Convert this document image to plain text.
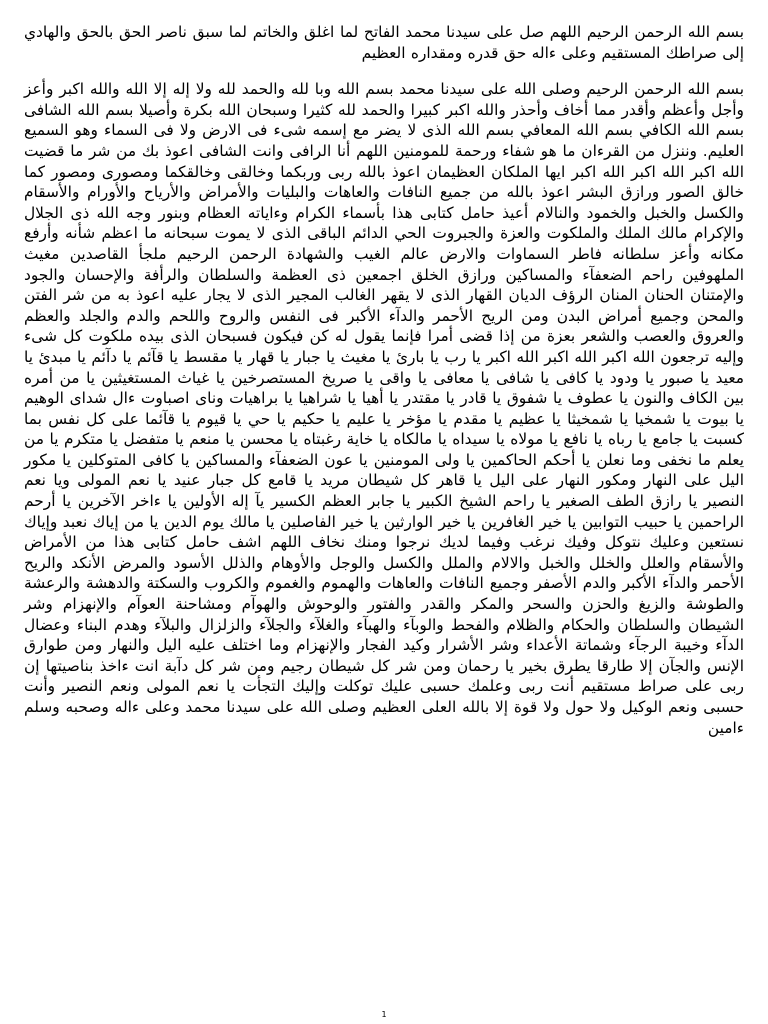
بسم الله الرحمن الرحيم اللهم صل على سيدنا محمد الفاتح لما اغلق والخاتم لما سبق ناصر الحق بالحق والهادي إلى صراطك المستقيم وعلى ءاله حق قدره ومقداره العظيم

بسم الله الرحمن الرحيم وصلى الله على سيدنا محمد بسم الله وبا لله والحمد لله ولا إله إلا الله والله اكبر وأعز وأجل وأعظم وأقدر مما أخاف وأحذر والله اكبر كبيرا والحمد لله كثيرا وسبحان الله بكرة وأصيلا بسم الله الشافى بسم الله الكافي بسم الله المعافي بسم الله الذى لا يضر مع إسمه شىء فى الارض ولا فى السماء وهو السميع العليم. وننزل من القرءان ما هو شفاء ورحمة للمومنين اللهم أنا الرافى وانت الشافى اعوذ بك من شر ما قضيت الله اكبر الله اكبر الله اكبر ايها الملكان العظيمان اعوذ بالله ربى وربكما وخالقى وخالقكما ومصورى ومصور كما خالق الصور ورازق البشر اعوذ بالله من جميع النافات والعاهات والبليات والأمراض والأرياح والأورام والأسقام والكسل والخبل والخمود والنالام أعيذ حامل كتابى هذا بأسماء الكرام وءاياته العظام وبنور وجه الله ذى الجلال والإكرام مالك الملك والملكوت والعزة والجبروت الحي الدائم الباقى الذى لا يموت سبحانه ما اعظم شأنه وأرفع مكانه وأعز سلطانه فاطر السماوات والارض عالم الغيب والشهادة الرحمن الرحيم ملجأ القاصدين مغيث الملهوفين راحم الضعفآء والمساكين ورازق الخلق اجمعين ذى العظمة والسلطان والرأفة والإحسان والجود والإمتنان الحنان المنان الرؤف الديان القهار الذى لا يقهر الغالب المجير الذى لا يجار عليه اعوذ به من شر الفتن والمحن وجميع أمراض البدن ومن الريح الأحمر والدآء الأكبر فى النفس والروح واللحم والدم والجلد والعظم والعروق والعصب والشعر بعزة من إذا قضى أمرا فإنما يقول له كن فيكون فسبحان الذى بيده ملكوت كل شىء وإليه ترجعون الله اكبر الله اكبر الله اكبر يا رب يا بارئ يا مغيث يا جبار يا قهار يا مقسط يا قآئم يا دآئم يا مبدئ يا معيد يا صبور يا ودود يا كافى يا شافى يا معافى يا واقى يا صريخ المستصرخين يا غياث المستغيثين يا من أمره بين الكاف والنون يا عطوف يا شفوق يا قادر يا مقتدر يا أهيا يا شراهيا يا براهيات وناى اصباوت ءال شداى الوهيم يا بيوت يا شمخيا يا شمخيثا يا عظيم يا مقدم يا مؤخر يا عليم يا حكيم يا حي يا قيوم يا قآئما على كل نفس بما كسبت يا جامع يا رباه يا نافع يا مولاه يا سيداه يا مالكاه يا خاية رغبتاه يا محسن يا منعم يا متفضل يا متكرم يا من يعلم ما نخفى وما نعلن يا أحكم الحاكمين يا ولى المومنين يا عون الضعفآء والمساكين يا كافى المتوكلين يا مكور اليل على النهار ومكور النهار على اليل يا قاهر كل شيطان مريد يا قامع كل جبار عنيد يا نعم المولى ويا نعم النصير يا رازق الطف الصغير يا راحم الشيخ الكبير يا جابر العظم الكسير يآ إله الأولين يا ءاخر الآخرين يا أرحم الراحمين يا حبيب التوابين يا خير الغافرين يا خير الوارثين يا خير الفاصلين يا مالك يوم الدين يا من إياك نعبد وإياك نستعين وعليك نتوكل وفيك نرغب وفيما لديك نرجوا ومنك نخاف اللهم اشف حامل كتابى هذا من الأمراض والأسقام والعلل والخلل والخبل والالام والملل والكسل والوجل والأوهام والذلل الأسود والمرض الأنكد والريح الأحمر والدآء الأكبر والدم الأصفر وجميع النافات والعاهات والهموم والغموم والكروب والسكتة والدهشة والرعشة والطوشة والزيغ والحزن والسحر والمكر والقدر والفتور والوحوش والهوآم ومشاحنة العوآم والإنهزام وشر الشيطان والسلطان والحكام والظلام والفحط والوبآء والهبآء والغلآء والجلآء والزلزال والبلآء وهدم البناء وعضال الدآء وخيبة الرجآء وشماتة الأعداء وشر الأشرار وكيد الفجار والإنهزام وما اختلف عليه اليل والنهار ومن طوارق الإنس والجآن إلا طارقا يطرق بخير يا رحمان ومن شر كل شيطان رجيم ومن شر كل دآبة انت ءاخذ بناصيتها إن ربى على صراط مستقيم أنت ربى وعلمك حسبى عليك توكلت وإليك التجأت يا نعم المولى ونعم النصير وأنت حسبى ونعم الوكيل ولا حول ولا قوة إلا بالله العلى العظيم وصلى الله على سيدنا محمد وعلى ءاله وصحبه وسلم ءامين

1
